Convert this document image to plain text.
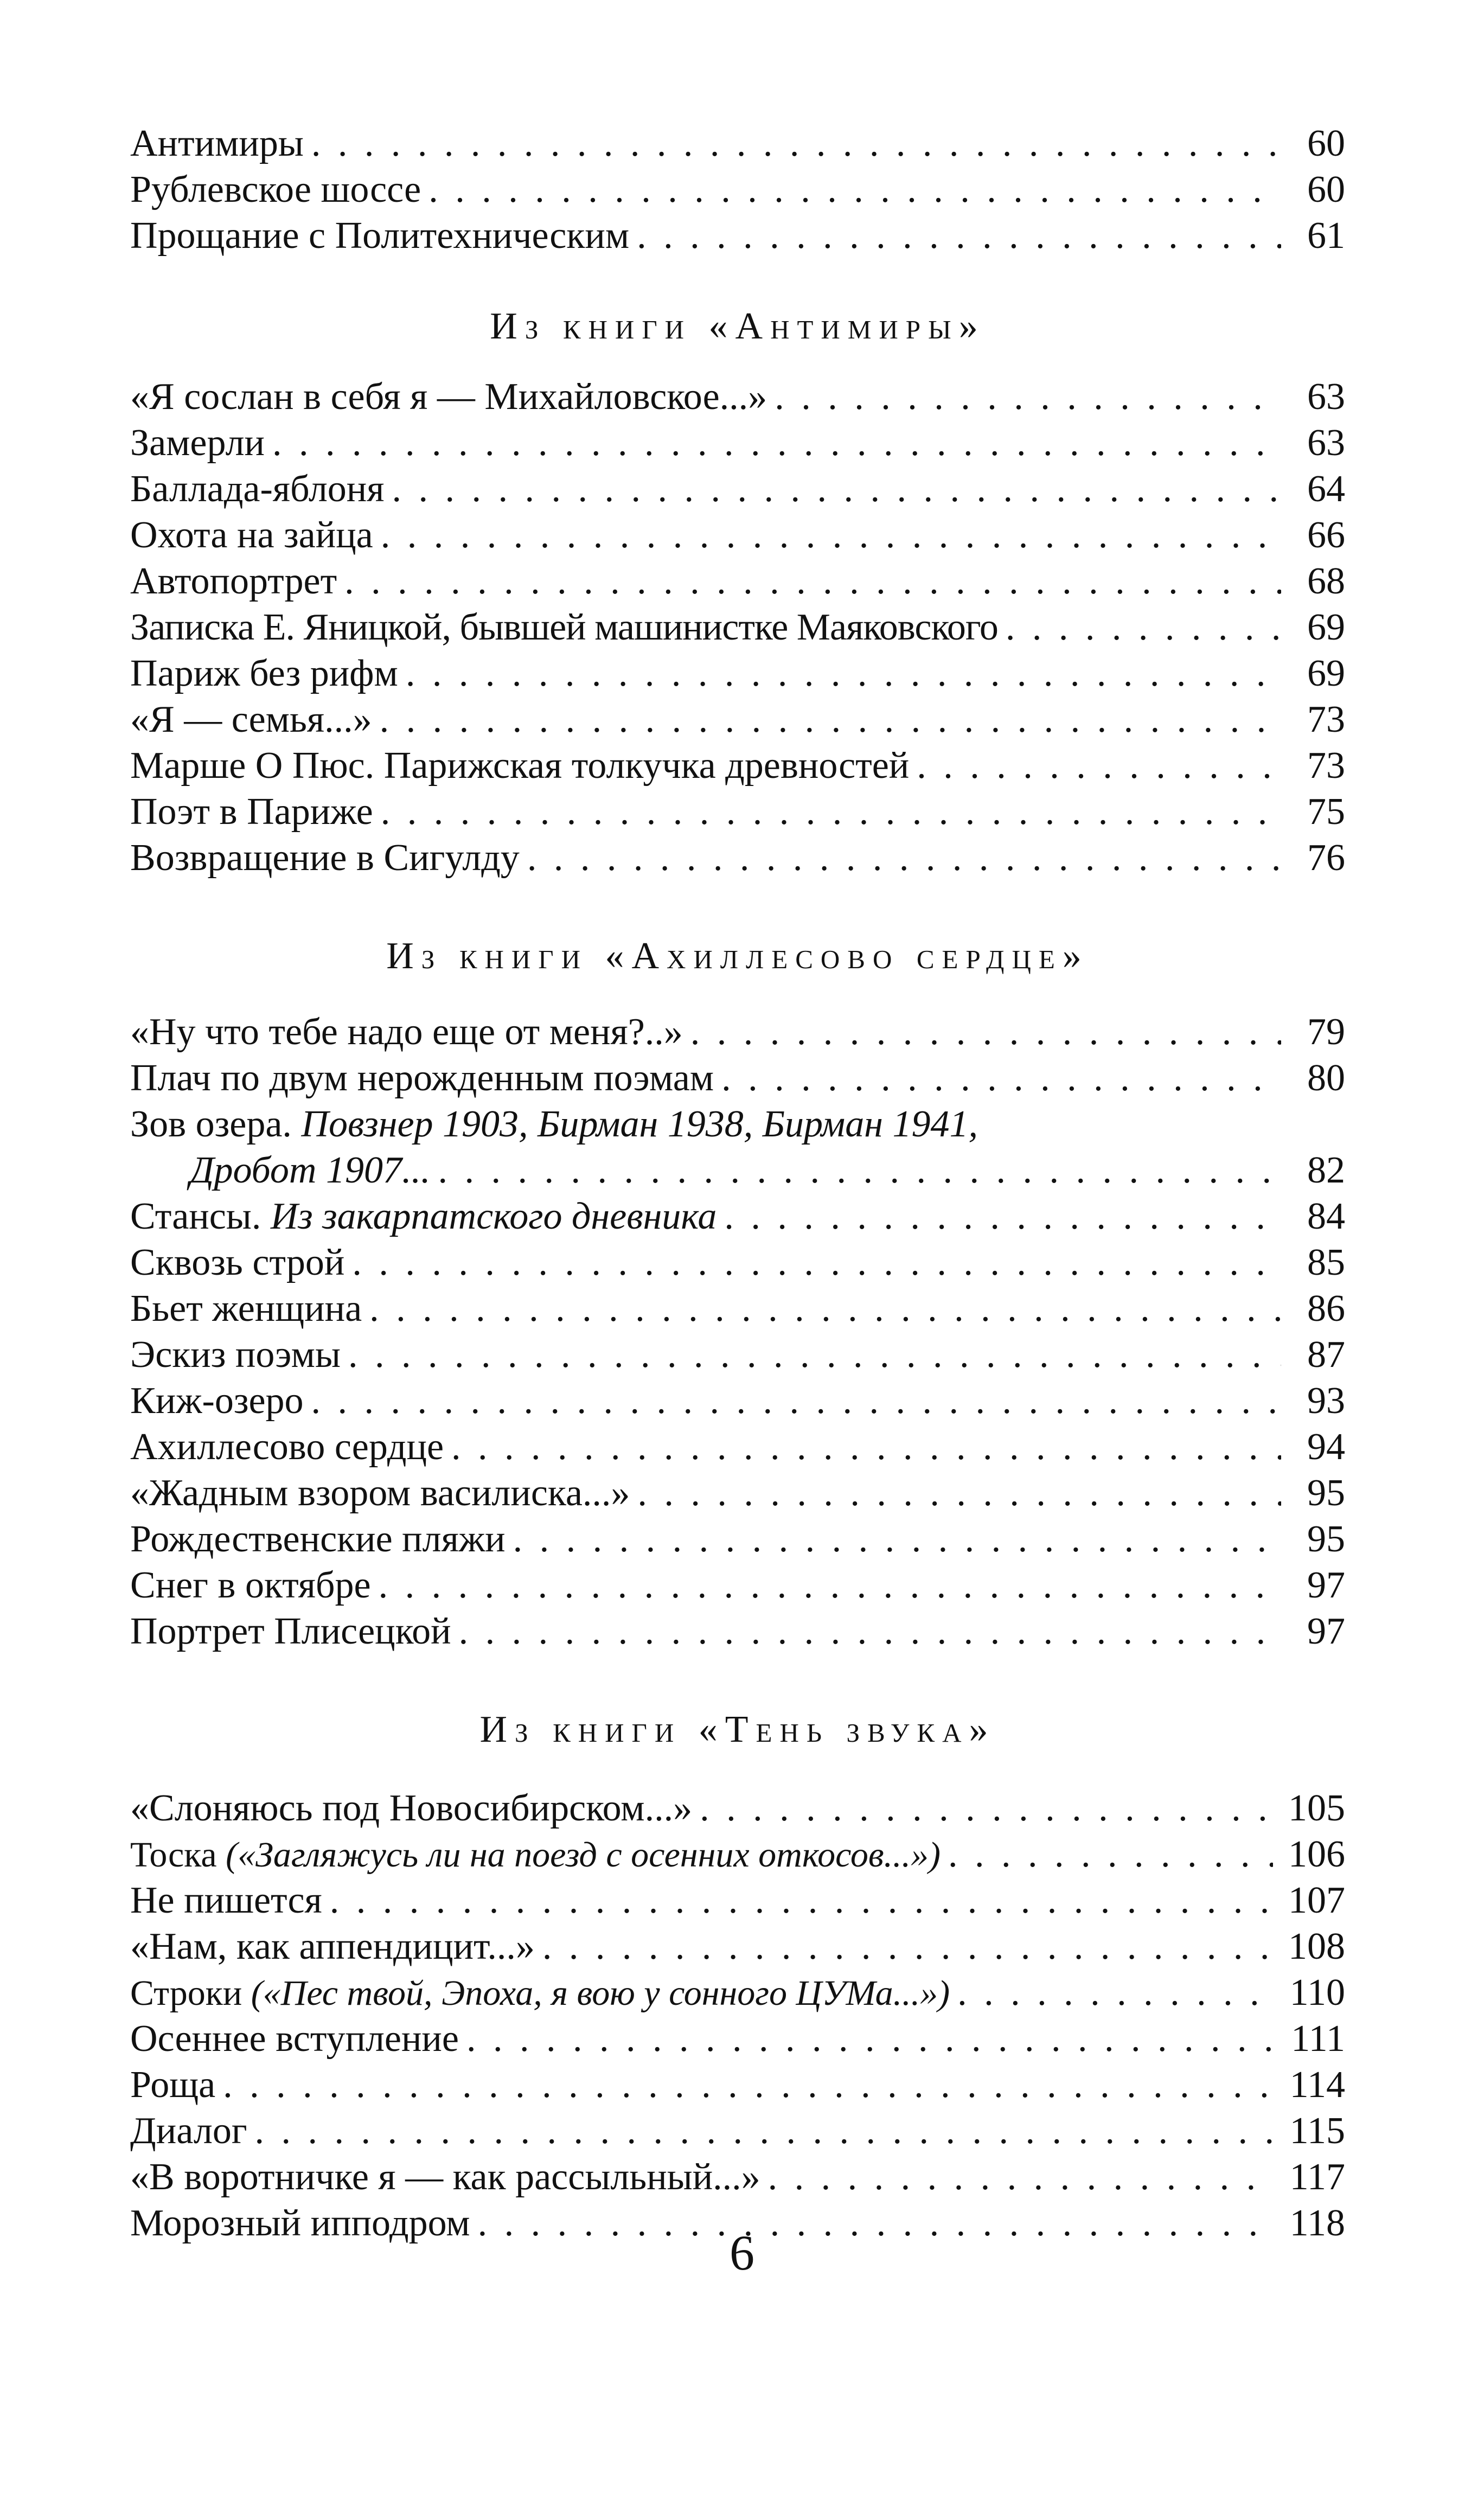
Антимиры . . .	60
Рублевское шоссе . . .	60
Прощание с Политехническим . . .	61
Из книги «Антимиры»
«Я сослан в себя я — Михайловское...» . . .	63
Замерли . . .	63
Баллада-яблоня . . .	64
Охота на зайца . . .	66
Автопортрет . . .	68
Записка Е. Яницкой, бывшей машинистке Маяковского . . .	69
Париж без рифм . . .	69
«Я — семья...» . . .	73
Марше О Пюс. Парижская толкучка древностей . . .	73
Поэт в Париже . . .	75
Возвращение в Сигулду . . .	76
Из книги «Ахиллесово сердце»
«Ну что тебе надо еще от меня?..» . . .	79
Плач по двум нерожденным поэмам . . .	80
Зов озера. Повзнер 1903, Бирман 1938, Бирман 1941,
Дробот 1907... . . .	82
Стансы. Из закарпатского дневника . . .	84
Сквозь строй . . .	85
Бьет женщина . . .	86
Эскиз поэмы . . .	87
Киж-озеро . . .	93
Ахиллесово сердце . . .	94
«Жадным взором василиска...» . . .	95
Рождественские пляжи . . .	95
Снег в октябре . . .	97
Портрет Плисецкой . . .	97
Из книги «Тень звука»
«Слоняюсь под Новосибирском...» . . .	105
Тоска («Загляжусь ли на поезд с осенних откосов...») . . .	106
Не пишется . . .	107
«Нам, как аппендицит...» . . .	108
Строки («Пес твой, Эпоха, я вою у сонного ЦУМа...») . . .	110
Осеннее вступление . . .	111
Роща . . .	114
Диалог . . .	115
«В воротничке я — как рассыльный...» . . .	117
Морозный ипподром . . .	118
6
